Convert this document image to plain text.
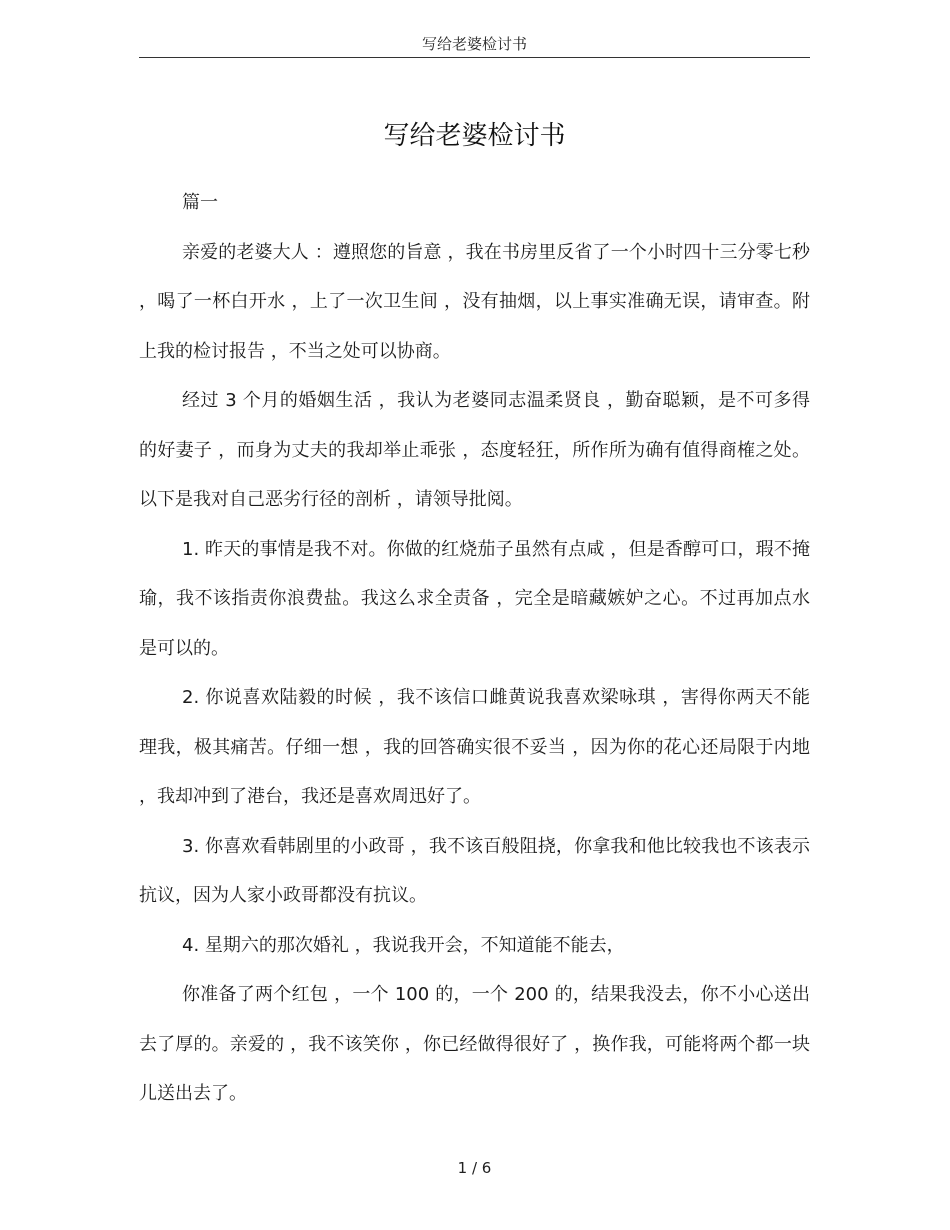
写给老婆检讨书
写给老婆检讨书

篇一

亲爱的老婆大人 ：遵照您的旨意 ，我在书房里反省了一个小时四十三分零七秒 ，喝了一杯白开水 ，上了一次卫生间 ，没有抽烟，以上事实准确无误，请审查。附上我的检讨报告 ，不当之处可以协商。

经过 3 个月的婚姻生活 ，我认为老婆同志温柔贤良 ，勤奋聪颖，是不可多得的好妻子 ，而身为丈夫的我却举止乖张 ，态度轻狂，所作所为确有值得商榷之处。以下是我对自己恶劣行径的剖析 ，请领导批阅。

1. 昨天的事情是我不对。你做的红烧茄子虽然有点咸 ，但是香醇可口，瑕不掩瑜，我不该指责你浪费盐。我这么求全责备 ，完全是暗藏嫉妒之心。不过再加点水是可以的。

2. 你说喜欢陆毅的时候 ，我不该信口雌黄说我喜欢梁咏琪 ，害得你两天不能理我，极其痛苦。仔细一想 ，我的回答确实很不妥当 ，因为你的花心还局限于内地 ，我却冲到了港台，我还是喜欢周迅好了。

3. 你喜欢看韩剧里的小政哥 ，我不该百般阻挠，你拿我和他比较我也不该表示抗议，因为人家小政哥都没有抗议。

4. 星期六的那次婚礼 ，我说我开会，不知道能不能去，

你准备了两个红包 ，一个 100 的，一个 200 的，结果我没去，你不小心送出去了厚的。亲爱的 ，我不该笑你 ，你已经做得很好了 ，换作我，可能将两个都一块儿送出去了。

1 / 6
